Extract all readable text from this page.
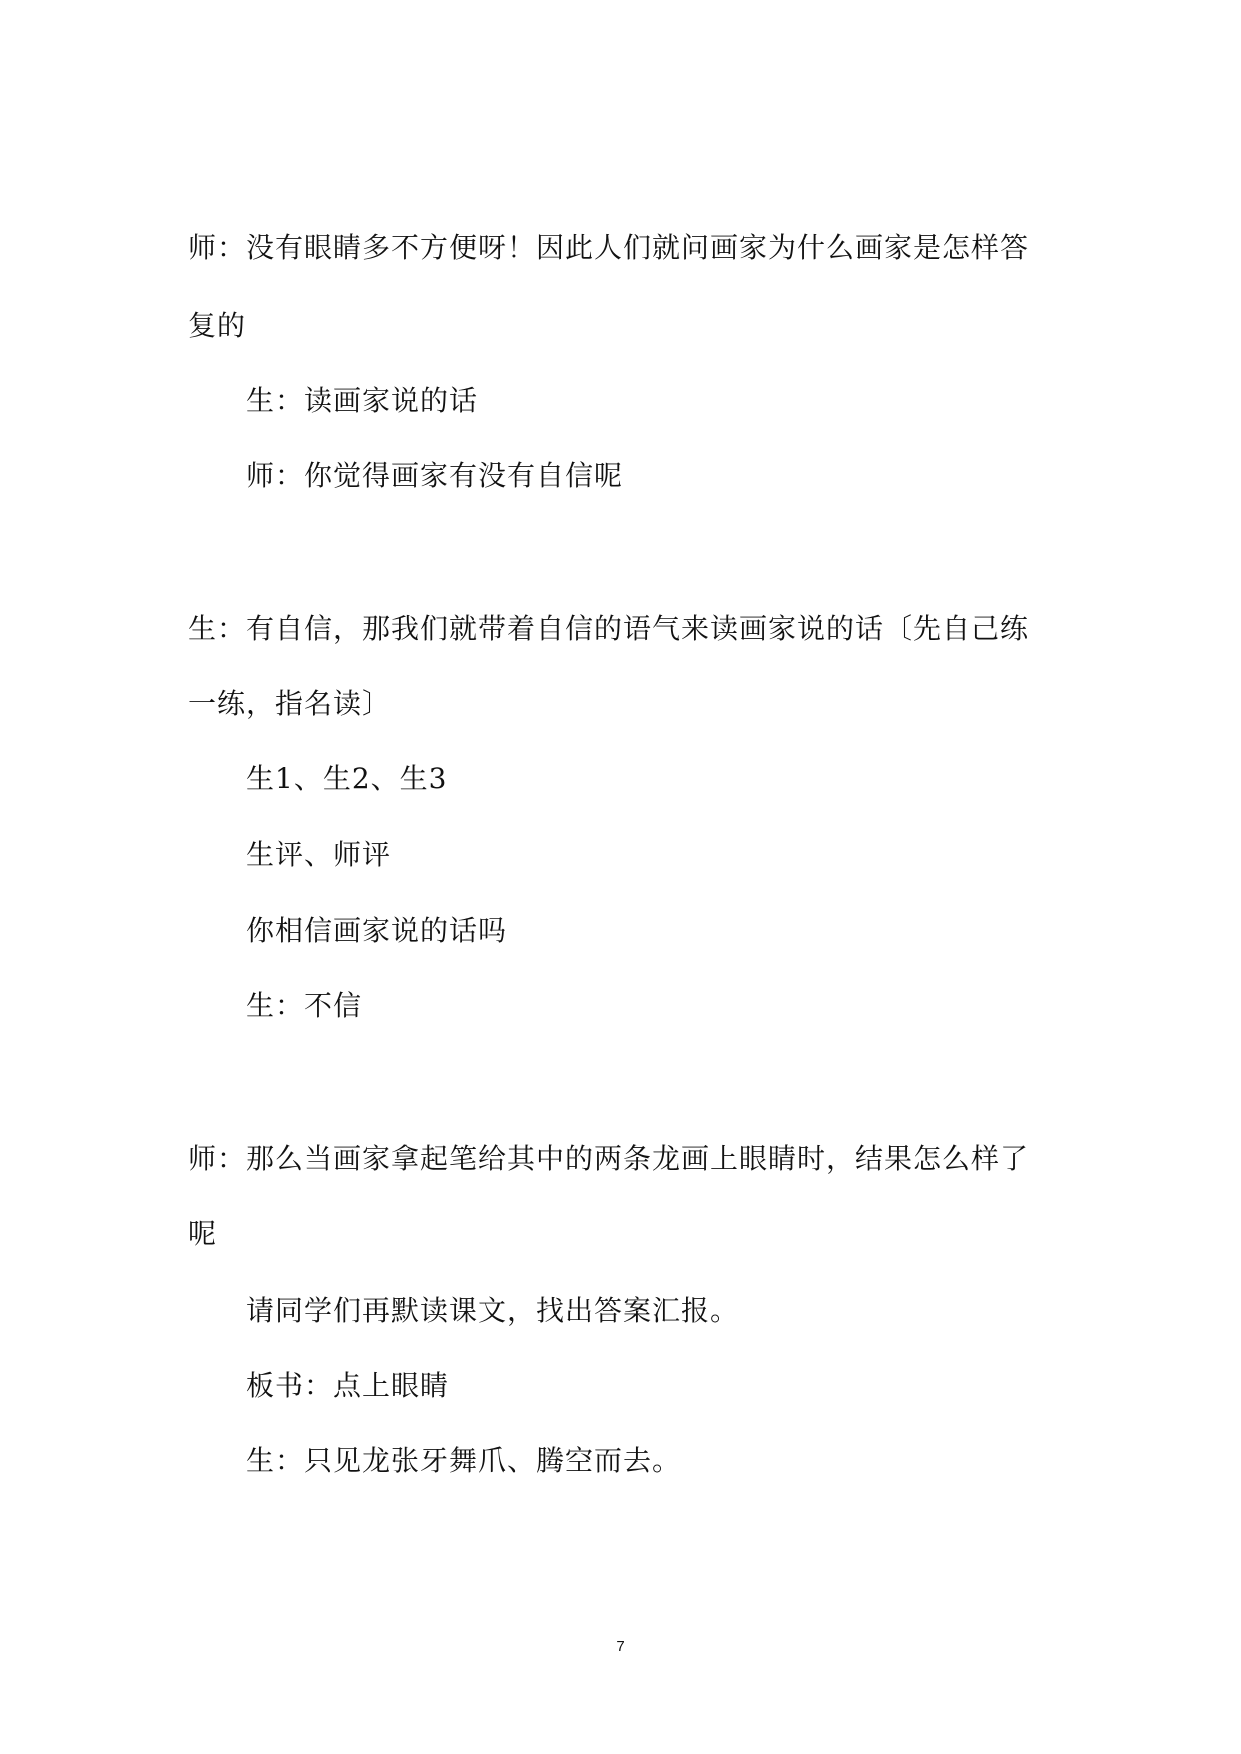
师：没有眼睛多不方便呀！因此人们就问画家为什么画家是怎样答
复的
生：读画家说的话
师：你觉得画家有没有自信呢
生：有自信，那我们就带着自信的语气来读画家说的话〔先自己练
一练，指名读〕
生1、生2、生3
生评、师评
你相信画家说的话吗
生：不信
师：那么当画家拿起笔给其中的两条龙画上眼睛时，结果怎么样了
呢
请同学们再默读课文，找出答案汇报。
板书：点上眼睛
生：只见龙张牙舞爪、腾空而去。
7
